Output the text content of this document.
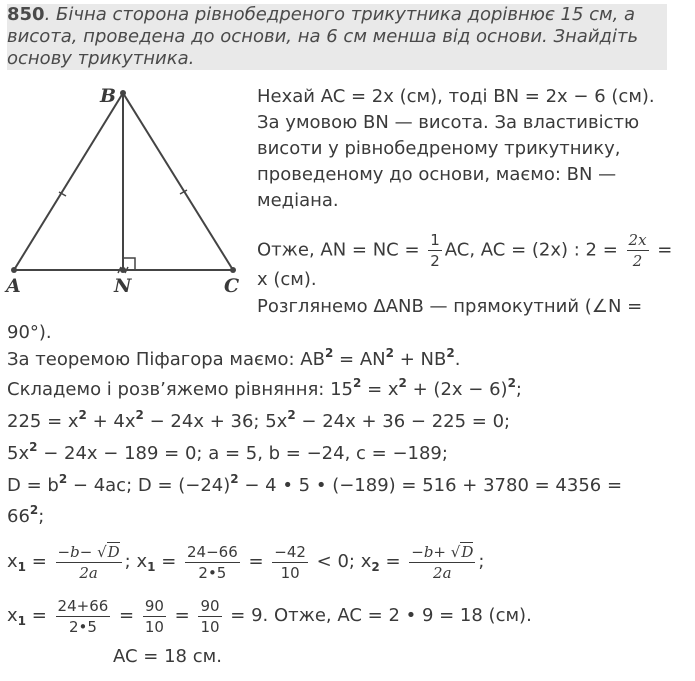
850. Бічна сторона рівнобедреного трикутника дорівнює 15 см, а
висота, проведена до основи, на 6 см менша від основи. Знайдіть
основу трикутника.
A
B
C
N
Нехай AC = 2x (см), тоді BN = 2x − 6 (см).
За умовою BN — висота. За властивістю
висоти у рівнобедреному трикутнику,
проведеному до основи, маємо: BN —
медіана.
Отже, AN = NC = $\frac{1}{2}$ AC, AC = (2x) : $2 = \frac{2x}{2}$ =
x (см).
Розглянемо ΔANB — прямокутний (∠N =
90°).
За теоремою Піфагора маємо: $AB^2 = AN^2 + NB^2$.
Складемо і розв’яжемо рівняння: $15^2 = x^2 + (2x - 6)^2$;
$225 = x^2 + 4x^2 - 24x + 36$; $5x^2 - 24x + 36 - 225 = 0$;
$5x^2 - 24x - 189 = 0$; a = 5, b = −24, c = −189;
$D = b^2 - 4ac$; $D = (-24)^2 - 4$ • 5 • (−189) = 516 + 3780 = 4356 =
$66^2$;
$x_1 = \frac{-b- √D}{2a}$ ; $x_1 = \frac{24-66}{2•5} = \frac{-42}{10} < 0$; $x_2 = \frac{-b+ √D}{2a}$ ;
$x_1 = \frac{24+66}{2•5} = \frac{90}{10} = \frac{90}{10} = 9$. Отже, AC = 2 • 9 = 18 (см).
AC = 18 см.
